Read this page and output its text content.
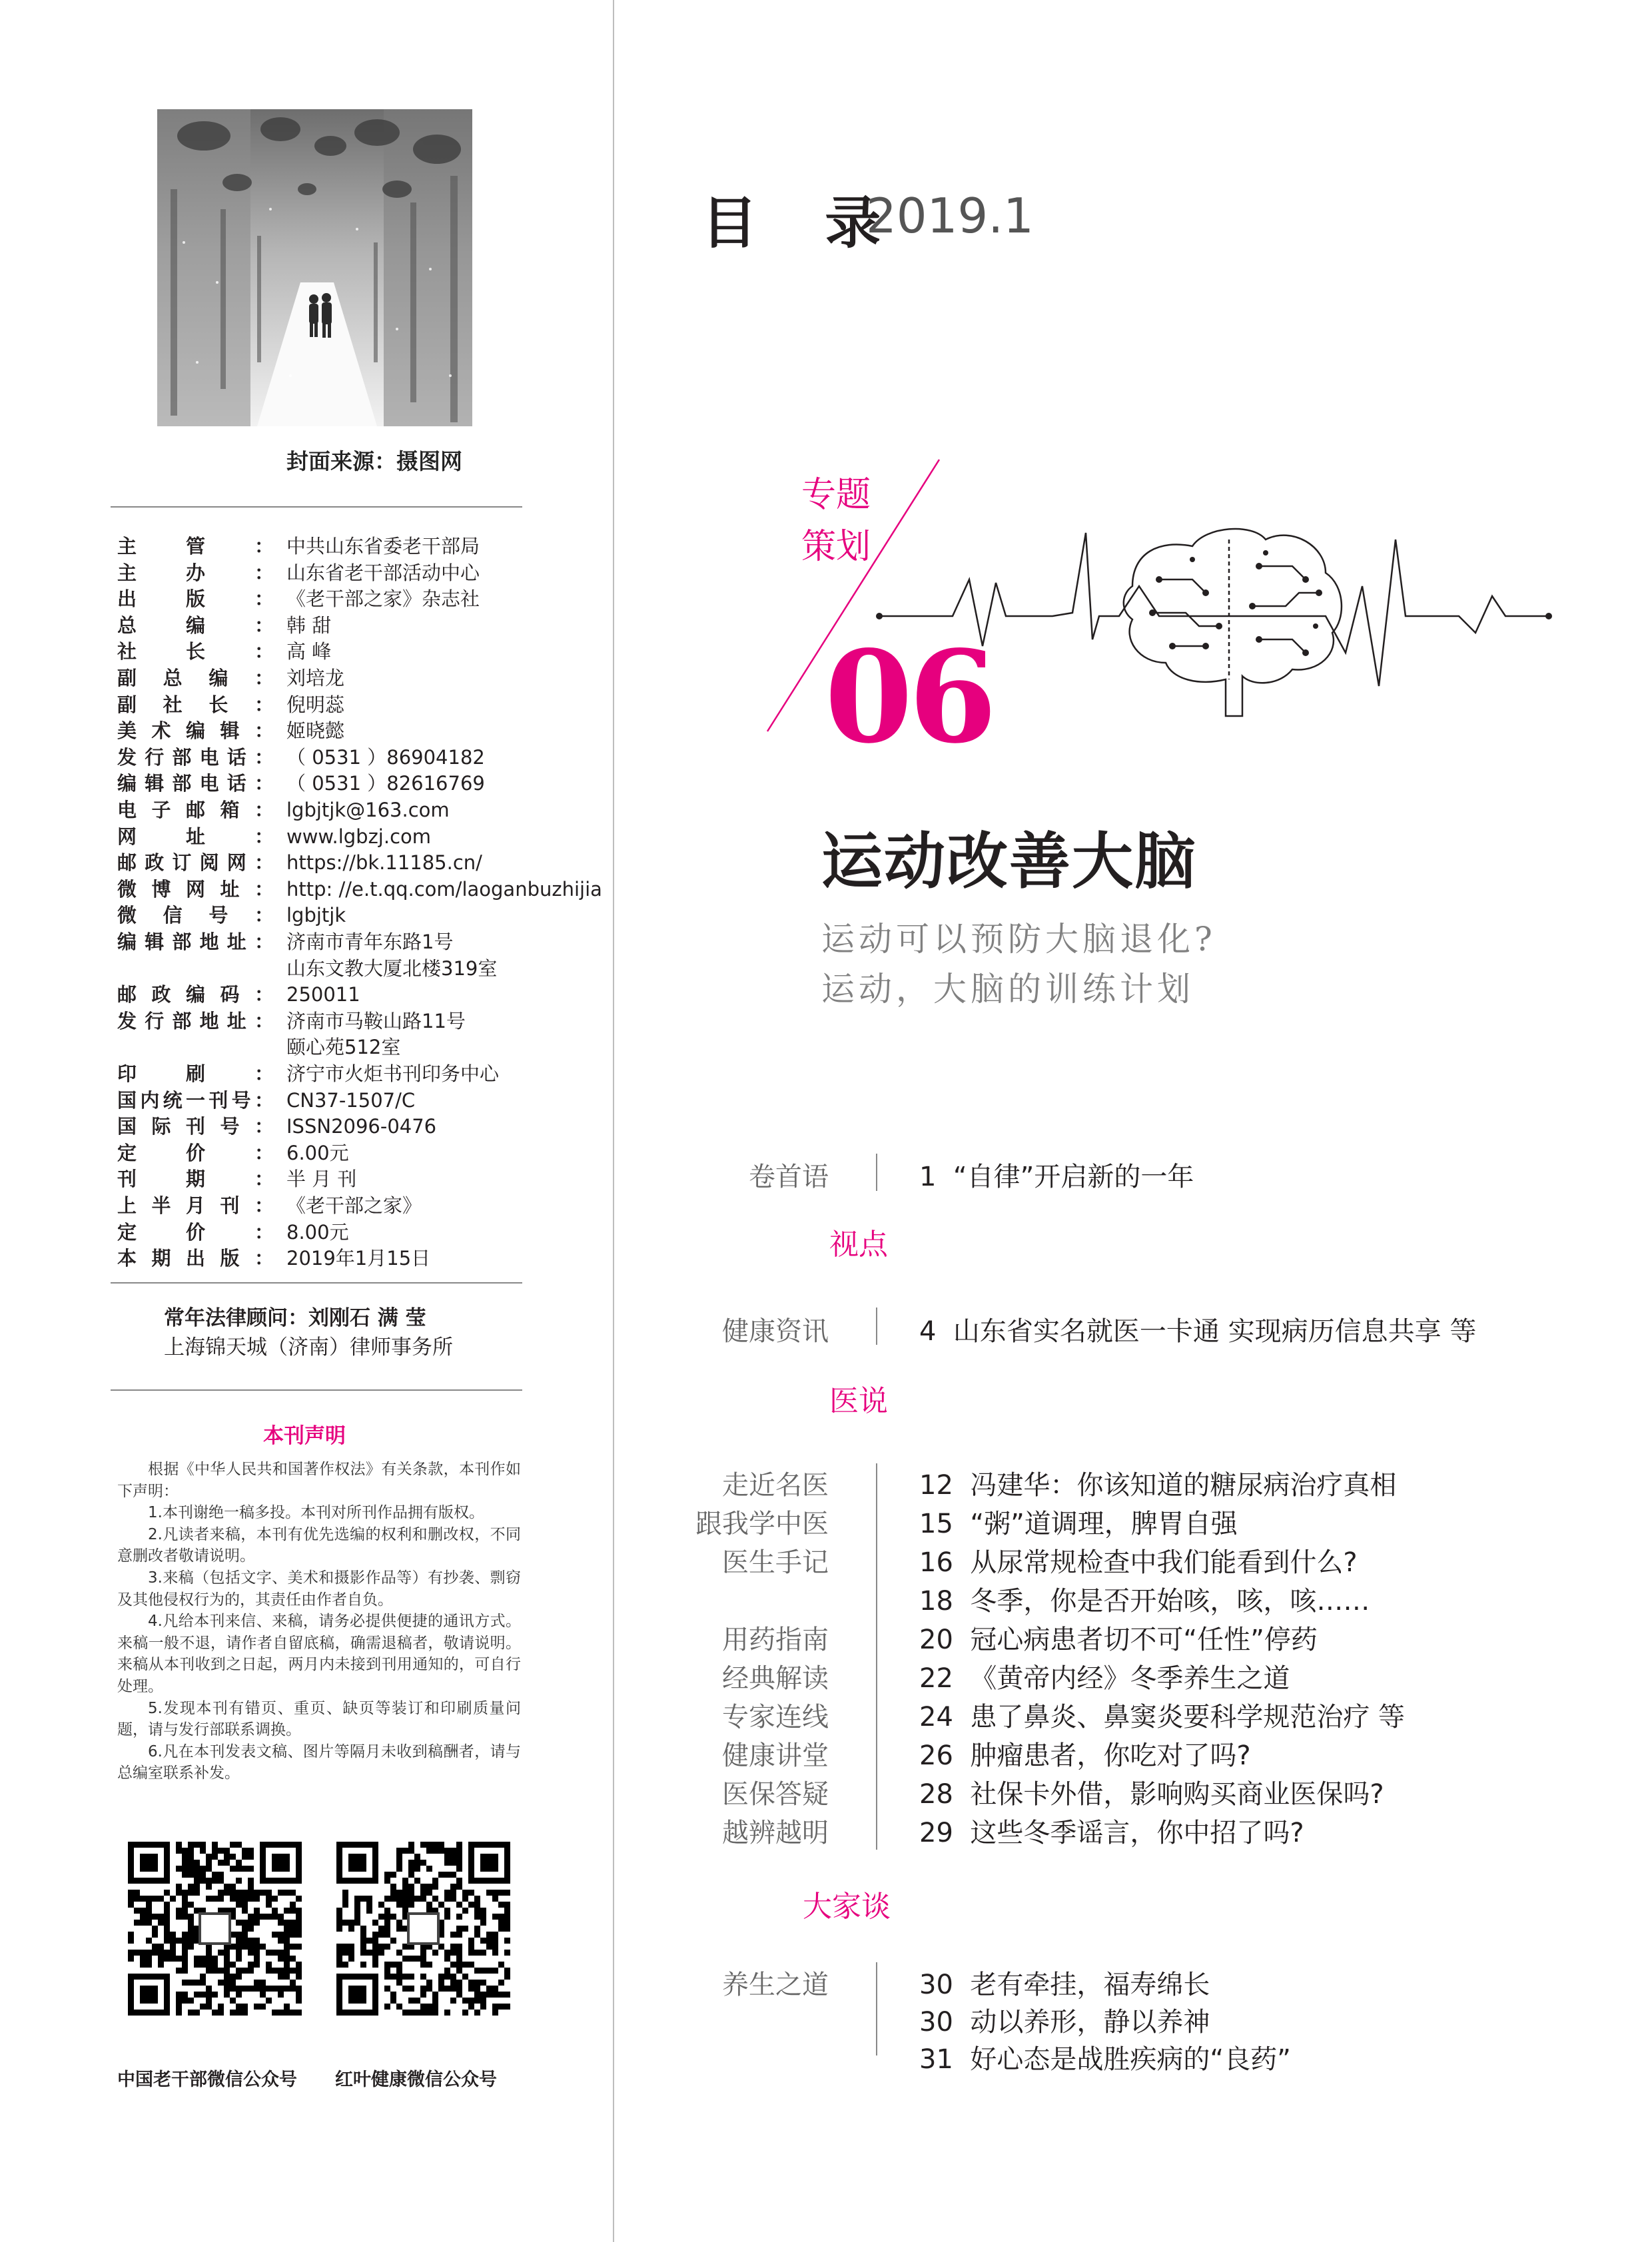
封面来源：摄图网
主管： 中共山东省委老干部局
主办： 山东省老干部活动中心
出版： 《老干部之家》杂志社
总编： 韩 甜
社长： 高 峰
副总编： 刘培龙
副社长： 倪明蕊
美术编辑： 姬晓懿
发行部电话： （ 0531 ）86904182
编辑部电话： （ 0531 ）82616769
电子邮箱： lgbjtjk@163.com
网址： www.lgbzj.com
邮政订阅网： https://bk.11185.cn/
微博网址： http: //e.t.qq.com/laoganbuzhijia
微信号： lgbjtjk
编辑部地址： 济南市青年东路1号
山东文教大厦北楼319室
邮政编码： 250011
发行部地址： 济南市马鞍山路11号
颐心苑512室
印刷： 济宁市火炬书刊印务中心
国内统一刊号： CN37-1507/C
国际刊号： ISSN2096-0476
定价： 6.00元
刊期： 半 月 刊
上半月刊： 《老干部之家》
定价： 8.00元
本期出版： 2019年1月15日
常年法律顾问：刘刚石 满 莹
上海锦天城（济南）律师事务所
本刊声明

根据《中华人民共和国著作权法》有关条款，本刊作如下声明：

1.本刊谢绝一稿多投。本刊对所刊作品拥有版权。

2.凡读者来稿，本刊有优先选编的权利和删改权，不同意删改者敬请说明。

3.来稿（包括文字、美术和摄影作品等）有抄袭、剽窃及其他侵权行为的，其责任由作者自负。

4.凡给本刊来信、来稿，请务必提供便捷的通讯方式。来稿一般不退，请作者自留底稿，确需退稿者，敬请说明。来稿从本刊收到之日起，两月内未接到刊用通知的，可自行处理。

5.发现本刊有错页、重页、缺页等装订和印刷质量问题，请与发行部联系调换。

6.凡在本刊发表文稿、图片等隔月未收到稿酬者，请与总编室联系补发。

中国老干部微信公众号 红叶健康微信公众号
目 录
2019.1
专题
策划
06
运动改善大脑
运动可以预防大脑退化?
运动，大脑的训练计划
视点
医说
大家谈
卷首语	1 “自律”开启新的一年
健康资讯	4 山东省实名就医一卡通 实现病历信息共享 等
走近名医	12 冯建华：你该知道的糖尿病治疗真相
跟我学中医	15 “粥”道调理，脾胃自强
医生手记	16 从尿常规检查中我们能看到什么?
18 冬季，你是否开始咳，咳，咳……
用药指南	20 冠心病患者切不可“任性”停药
经典解读	22 《黄帝内经》冬季养生之道
专家连线	24 患了鼻炎、鼻窦炎要科学规范治疗 等
健康讲堂	26 肿瘤患者，你吃对了吗?
医保答疑	28 社保卡外借，影响购买商业医保吗?
越辨越明	29 这些冬季谣言，你中招了吗?
养生之道	30 老有牵挂，福寿绵长
30 动以养形，静以养神
31 好心态是战胜疾病的“良药”
